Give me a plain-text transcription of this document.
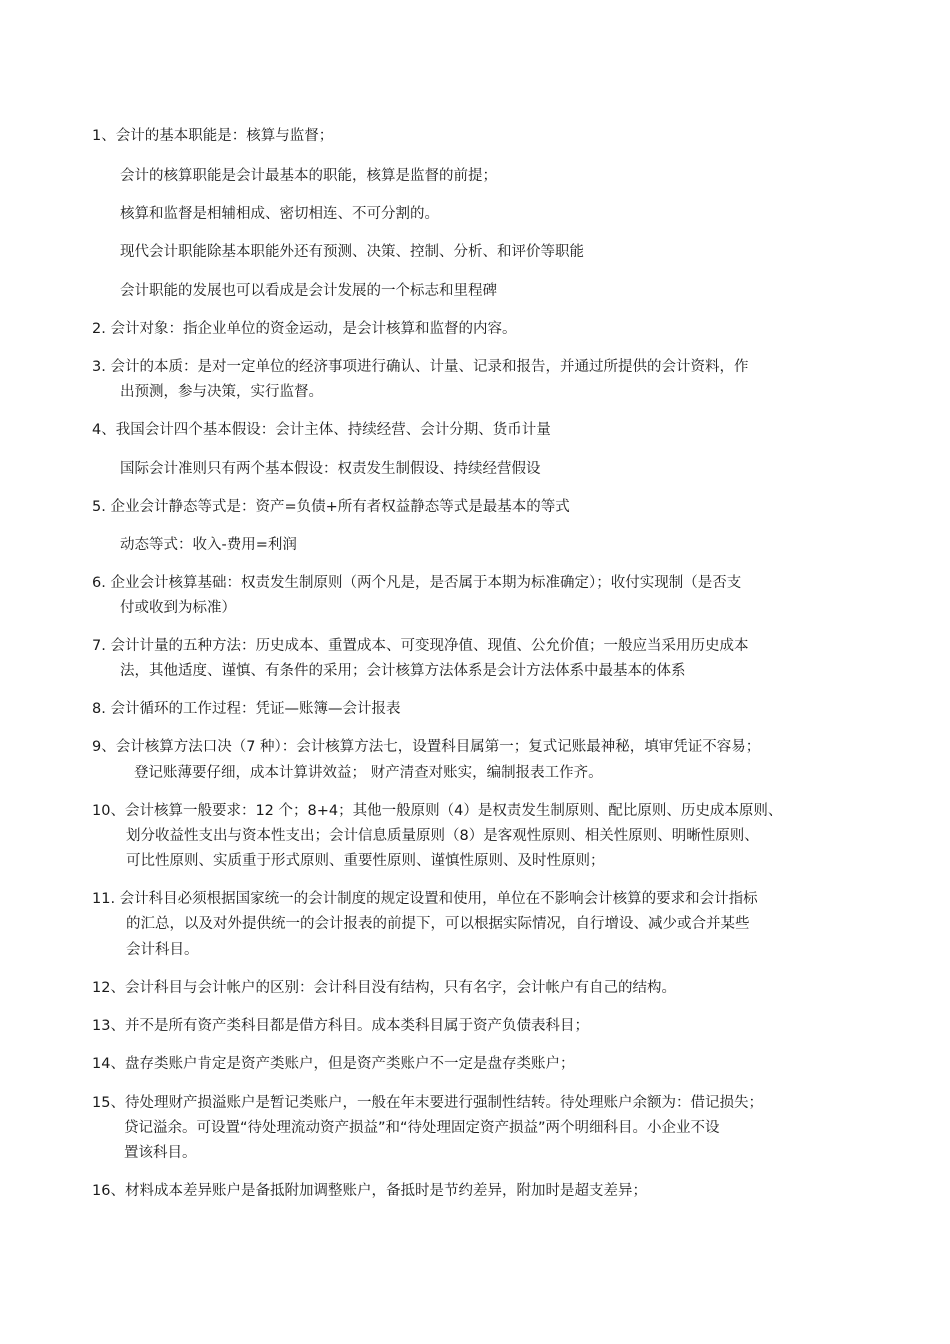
1、会计的基本职能是：核算与监督；
会计的核算职能是会计最基本的职能，核算是监督的前提；
核算和监督是相辅相成、密切相连、不可分割的。
现代会计职能除基本职能外还有预测、决策、控制、分析、和评价等职能
会计职能的发展也可以看成是会计发展的一个标志和里程碑
2. 会计对象：指企业单位的资金运动，是会计核算和监督的内容。
3. 会计的本质：是对一定单位的经济事项进行确认、计量、记录和报告，并通过所提供的会计资料，作
出预测，参与决策，实行监督。
4、我国会计四个基本假设：会计主体、持续经营、会计分期、货币计量
国际会计准则只有两个基本假设：权责发生制假设、持续经营假设
5. 企业会计静态等式是：资产=负债+所有者权益静态等式是最基本的等式
动态等式：收入-费用=利润
6. 企业会计核算基础：权责发生制原则（两个凡是，是否属于本期为标准确定）；收付实现制（是否支
付或收到为标准）
7. 会计计量的五种方法：历史成本、重置成本、可变现净值、现值、公允价值；一般应当采用历史成本
法，其他适度、谨慎、有条件的采用；会计核算方法体系是会计方法体系中最基本的体系
8. 会计循环的工作过程：凭证—账簿—会计报表
9、会计核算方法口决（7 种）：会计核算方法七，设置科目属第一；复式记账最神秘，填审凭证不容易；
登记账薄要仔细，成本计算讲效益； 财产清查对账实，编制报表工作齐。
10、会计核算一般要求：12 个；8+4；其他一般原则（4）是权责发生制原则、配比原则、历史成本原则、
划分收益性支出与资本性支出；会计信息质量原则（8）是客观性原则、相关性原则、明晰性原则、
可比性原则、实质重于形式原则、重要性原则、谨慎性原则、及时性原则；
11. 会计科目必须根据国家统一的会计制度的规定设置和使用，单位在不影响会计核算的要求和会计指标
的汇总，以及对外提供统一的会计报表的前提下，可以根据实际情况，自行增设、减少或合并某些
会计科目。
12、会计科目与会计帐户的区别：会计科目没有结构，只有名字，会计帐户有自己的结构。
13、并不是所有资产类科目都是借方科目。成本类科目属于资产负债表科目；
14、盘存类账户肯定是资产类账户，但是资产类账户不一定是盘存类账户；
15、待处理财产损溢账户是暂记类账户，一般在年末要进行强制性结转。待处理账户余额为：借记损失；
贷记溢余。可设置“待处理流动资产损益”和“待处理固定资产损益”两个明细科目。小企业不设
置该科目。
16、材料成本差异账户是备抵附加调整账户，备抵时是节约差异，附加时是超支差异；
